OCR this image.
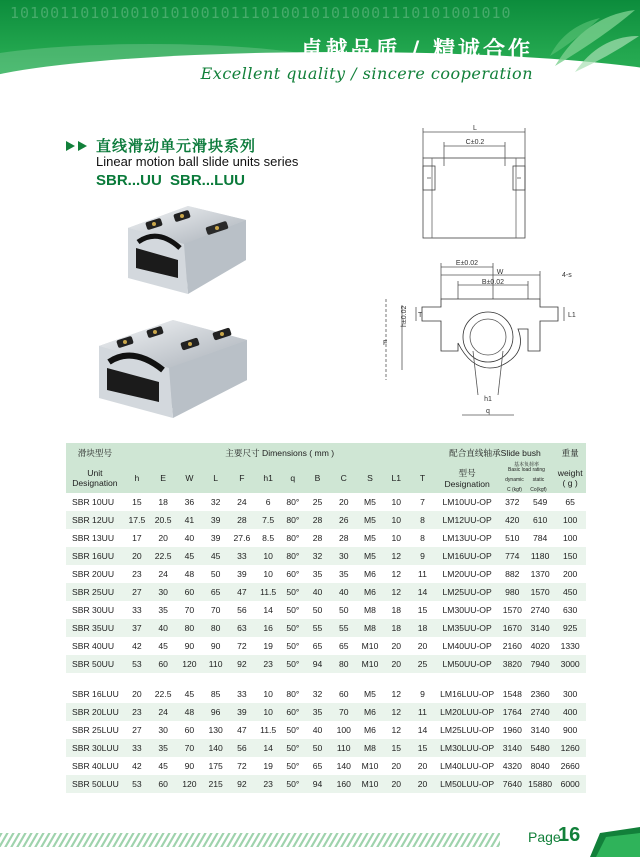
10100110101001010100101110100101010001110101001010
卓越品质 / 精诚合作
Excellent quality / sincere cooperation
直线滑动单元滑块系列
Linear motion ball slide units series
SBR...UU SBR...LUU
L
C±0.2
E±0.02
W
B±0.02
4-s
L1
T
F
h±0.02
h1
q
滑块型号	主要尺寸 Dimensions ( mm )												配合直线轴承Slide bush			重量
Unit
Designation	h	E	W	L	F	h1	q	B	C	S	L1	T	型号
Designation	基本负荷率
Basic load rating
dynamic static
C (kgf) Co(kgf)		weight
( g )
SBR 10UU	15	18	36	32	24	6	80°	25	20	M5	10	7	LM10UU-OP	372	549	65
SBR 12UU	17.5	20.5	41	39	28	7.5	80°	28	26	M5	10	8	LM12UU-OP	420	610	100
SBR 13UU	17	20	40	39	27.6	8.5	80°	28	28	M5	10	8	LM13UU-OP	510	784	100
SBR 16UU	20	22.5	45	45	33	10	80°	32	30	M5	12	9	LM16UU-OP	774	1180	150
SBR 20UU	23	24	48	50	39	10	60°	35	35	M6	12	11	LM20UU-OP	882	1370	200
SBR 25UU	27	30	60	65	47	11.5	50°	40	40	M6	12	14	LM25UU-OP	980	1570	450
SBR 30UU	33	35	70	70	56	14	50°	50	50	M8	18	15	LM30UU-OP	1570	2740	630
SBR 35UU	37	40	80	80	63	16	50°	55	55	M8	18	18	LM35UU-OP	1670	3140	925
SBR 40UU	42	45	90	90	72	19	50°	65	65	M10	20	20	LM40UU-OP	2160	4020	1330
SBR 50UU	53	60	120	110	92	23	50°	94	80	M10	20	25	LM50UU-OP	3820	7940	3000

SBR 16LUU	20	22.5	45	85	33	10	80°	32	60	M5	12	9	LM16LUU-OP	1548	2360	300
SBR 20LUU	23	24	48	96	39	10	60°	35	70	M6	12	11	LM20LUU-OP	1764	2740	400
SBR 25LUU	27	30	60	130	47	11.5	50°	40	100	M6	12	14	LM25LUU-OP	1960	3140	900
SBR 30LUU	33	35	70	140	56	14	50°	50	110	M8	15	15	LM30LUU-OP	3140	5480	1260
SBR 40LUU	42	45	90	175	72	19	50°	65	140	M10	20	20	LM40LUU-OP	4320	8040	2660
SBR 50LUU	53	60	120	215	92	23	50°	94	160	M10	20	20	LM50LUU-OP	7640	15880	6000
Page
16
